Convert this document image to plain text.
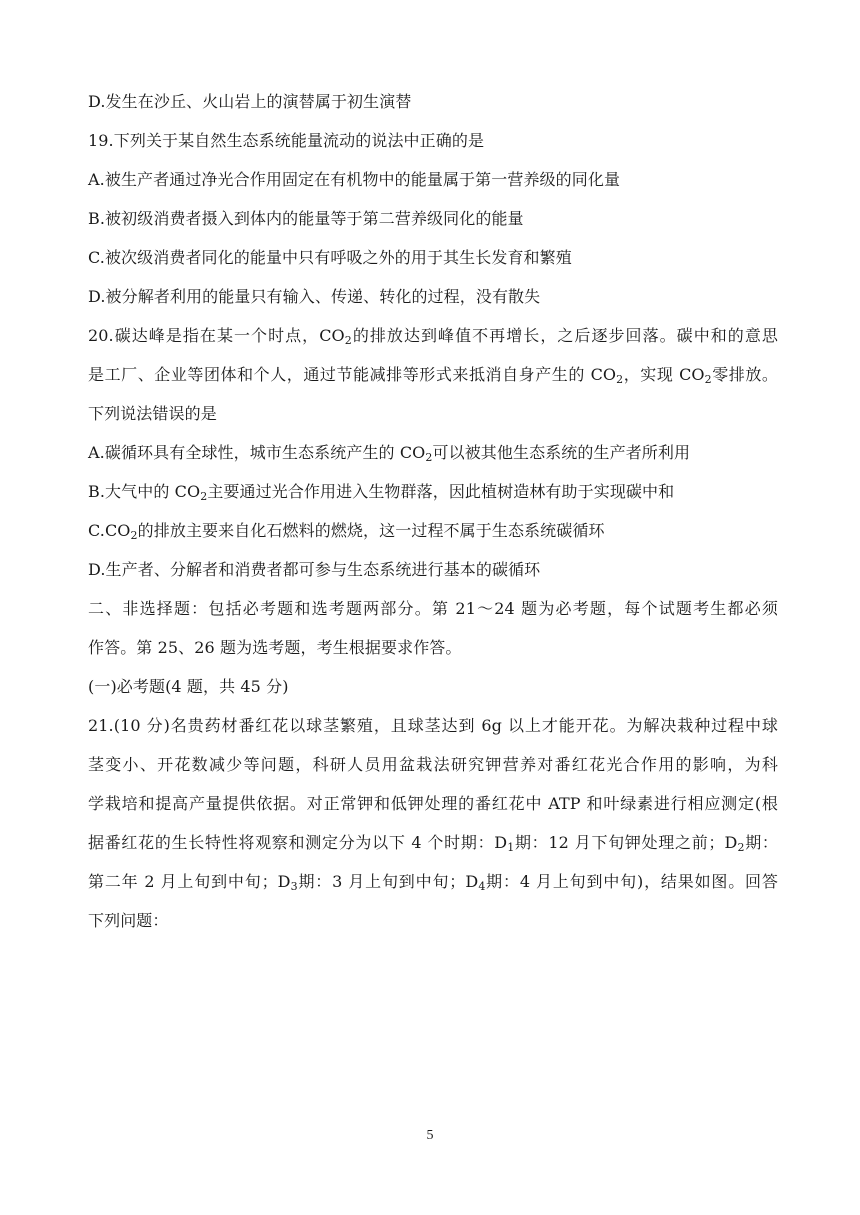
D.发生在沙丘、火山岩上的演替属于初生演替
19.下列关于某自然生态系统能量流动的说法中正确的是
A.被生产者通过净光合作用固定在有机物中的能量属于第一营养级的同化量
B.被初级消费者摄入到体内的能量等于第二营养级同化的能量
C.被次级消费者同化的能量中只有呼吸之外的用于其生长发育和繁殖
D.被分解者利用的能量只有输入、传递、转化的过程，没有散失
20.碳达峰是指在某一个时点，$CO_2$的排放达到峰值不再增长，之后逐步回落。碳中和的意思
是工厂、企业等团体和个人，通过节能减排等形式来抵消自身产生的 $CO_2$，实现 $CO_2$零排放。
下列说法错误的是
A.碳循环具有全球性，城市生态系统产生的 $CO_2$可以被其他生态系统的生产者所利用
B.大气中的 $CO_2$主要通过光合作用进入生物群落，因此植树造林有助于实现碳中和
$C.CO_2$的排放主要来自化石燃料的燃烧，这一过程不属于生态系统碳循环
D.生产者、分解者和消费者都可参与生态系统进行基本的碳循环
二、非选择题：包括必考题和选考题两部分。第 21～24 题为必考题，每个试题考生都必须
作答。第 25、26 题为选考题，考生根据要求作答。
(一)必考题(4 题，共 45 分)
21.(10 分)名贵药材番红花以球茎繁殖，且球茎达到 6g 以上才能开花。为解决栽种过程中球
茎变小、开花数减少等问题，科研人员用盆栽法研究钾营养对番红花光合作用的影响，为科
学栽培和提高产量提供依据。对正常钾和低钾处理的番红花中 ATP 和叶绿素进行相应测定(根
据番红花的生长特性将观察和测定分为以下 4 个时期：$D_1$期：12 月下旬钾处理之前；$D_2$期：
第二年 2 月上旬到中旬；$D_3$期：3 月上旬到中旬；$D_4$期：4 月上旬到中旬)，结果如图。回答
下列问题：
5
